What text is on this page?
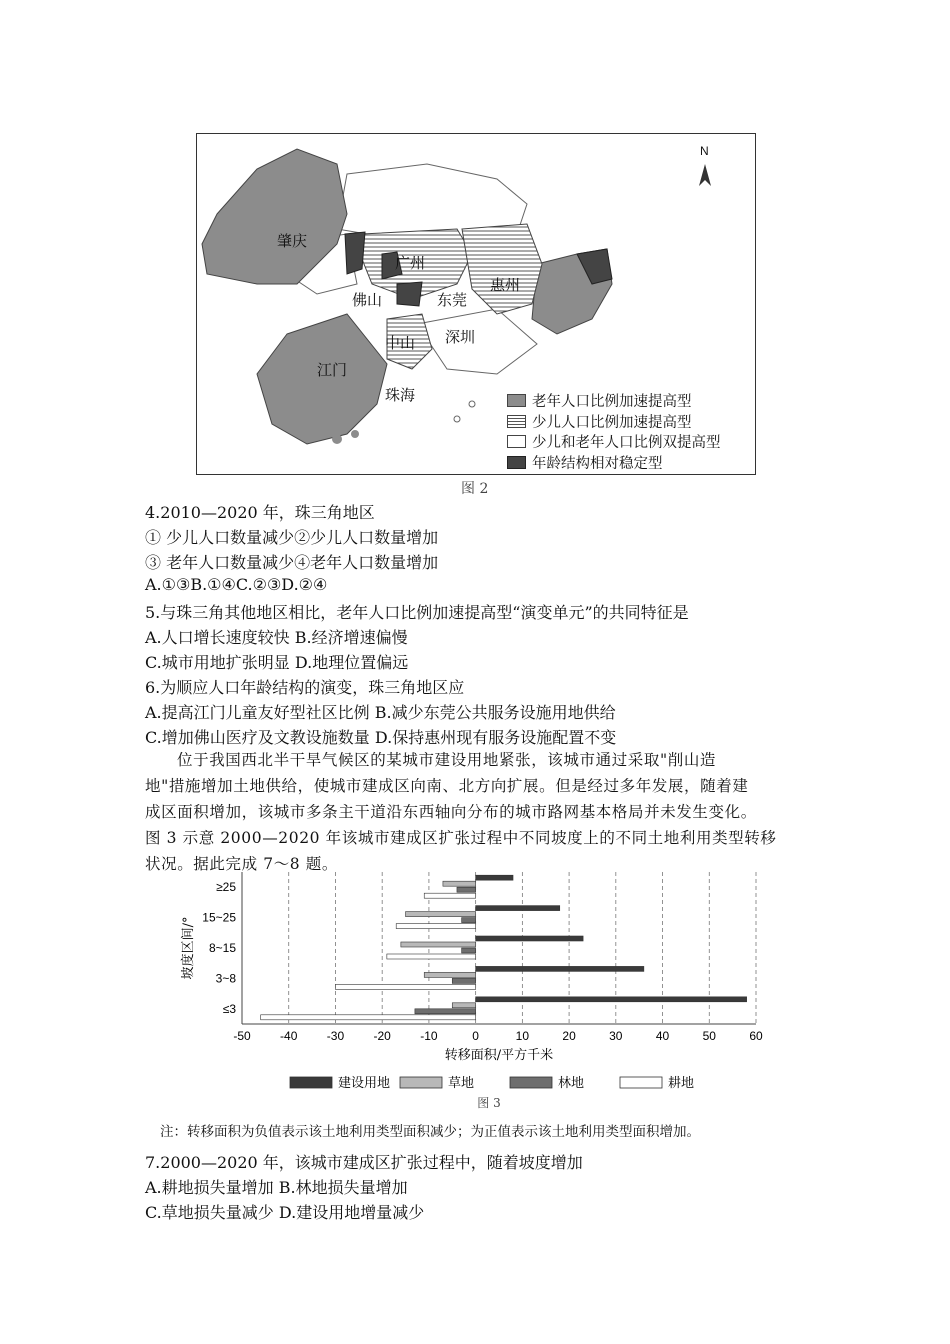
N
肇庆
广州
佛山	东莞
惠州
深圳
中山
江门
珠海	老年人口比例加速提高型
少儿人口比例加速提高型
少儿和老年人口比例双提高型
年龄结构相对稳定型
图 2
4.2010—2020 年，珠三角地区
① 少儿人口数量减少②少儿人口数量增加
③ 老年人口数量减少④老年人口数量增加
A.①③B.①④C.②③D.②④
5.与珠三角其他地区相比，老年人口比例加速提高型“演变单元”的共同特征是
A.人口增长速度较快 B.经济增速偏慢
C.城市用地扩张明显 D.地理位置偏远
6.为顺应人口年龄结构的演变，珠三角地区应
A.提高江门儿童友好型社区比例 B.减少东莞公共服务设施用地供给
C.增加佛山医疗及文教设施数量 D.保持惠州现有服务设施配置不变
位于我国西北半干旱气候区的某城市建设用地紧张，该城市通过采取"削山造
地"措施增加土地供给，使城市建成区向南、北方向扩展。但是经过多年发展，随着建
成区面积增加，该城市多条主干道沿东西轴向分布的城市路网基本格局并未发生变化。
图 3 示意 2000—2020 年该城市建成区扩张过程中不同坡度上的不同土地利用类型转移
状况。据此完成 7～8 题。
-50 -40 -30 -20 -10	0	10	20	30	40	50	60
≥25
15~25
8~15
3~8
≤3
转移面积/平方千米
坡度区间/°
建设用地	草地	林地	耕地
图 3
注：转移面积为负值表示该土地利用类型面积减少；为正值表示该土地利用类型面积增加。
7.2000—2020 年，该城市建成区扩张过程中，随着坡度增加
A.耕地损失量增加 B.林地损失量增加
C.草地损失量减少 D.建设用地增量减少
